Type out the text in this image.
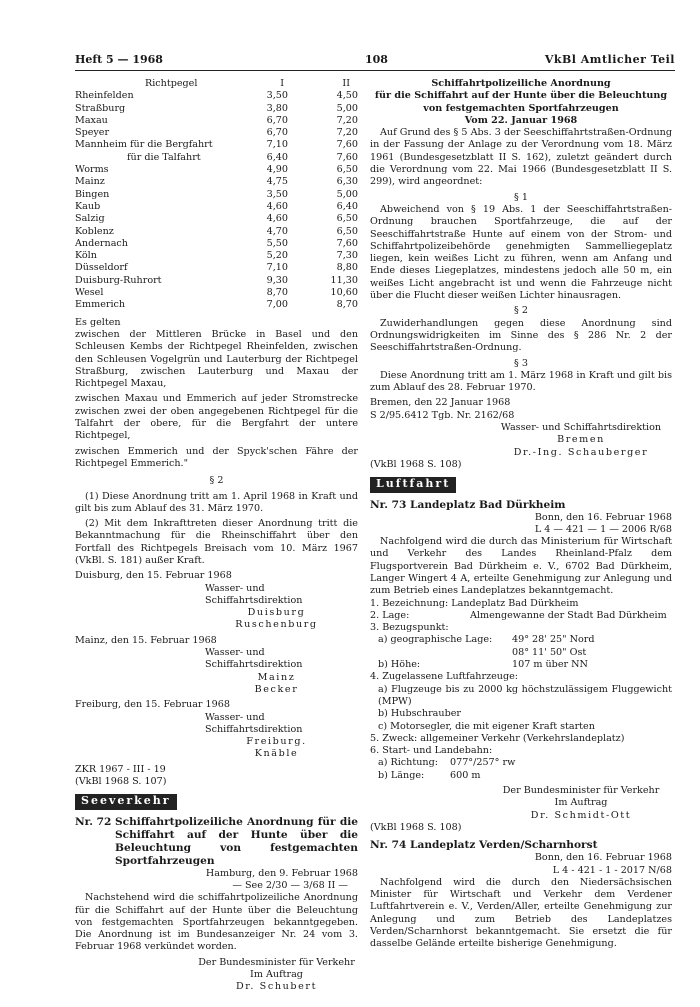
Heft 5 — 1968	108	VkBl Amtlicher Teil
Richtpegel	I	II
Rheinfelden	3,50	4,50
Straßburg	3,80	5,00
Maxau	6,70	7,20
Speyer	6,70	7,20
Mannheim für die Bergfahrt	7,10	7,60
für die Talfahrt	6,40	7,60
Worms	4,90	6,50
Mainz	4,75	6,30
Bingen	3,50	5,00
Kaub	4,60	6,40
Salzig	4,60	6,50
Koblenz	4,70	6,50
Andernach	5,50	7,60
Köln	5,20	7,30
Düsseldorf	7,10	8,80
Duisburg-Ruhrort	9,30	11,30
Wesel	8,70	10,60
Emmerich	7,00	8,70

Es gelten

zwischen der Mittleren Brücke in Basel und den Schleusen Kembs der Richtpegel Rheinfelden, zwischen den Schleusen Vogelgrün und Lauterburg der Richtpegel Straßburg, zwischen Lauterburg und Maxau der Richtpegel Maxau,

zwischen Maxau und Emmerich auf jeder Stromstrecke zwischen zwei der oben angegebenen Richtpegel für die Talfahrt der obere, für die Bergfahrt der untere Richtpegel,

zwischen Emmerich und der Spyck'schen Fähre der Richtpegel Emmerich."

§ 2

(1) Diese Anordnung tritt am 1. April 1968 in Kraft und gilt bis zum Ablauf des 31. März 1970.

(2) Mit dem Inkrafttreten dieser Anordnung tritt die Bekanntmachung für die Rheinschiffahrt über den Fortfall des Richtpegels Breisach vom 10. März 1967 (VkBl. S. 181) außer Kraft.

Duisburg, den 15. Februar 1968

Wasser- und Schiffahrtsdirektion

Duisburg

Ruschenburg

Mainz, den 15. Februar 1968

Wasser- und Schiffahrtsdirektion

Mainz

Becker

Freiburg, den 15. Februar 1968

Wasser- und Schiffahrtsdirektion

Freiburg.

Knäble

ZKR 1967 - III - 19

(VkBl 1968 S. 107)

Seeverkehr
Nr. 72 Schiffahrtpolizeiliche Anordnung für die Schiffahrt auf der Hunte über die Beleuchtung von festgemachten Sportfahrzeugen

Hamburg, den 9. Februar 1968

— See 2/30 — 3/68 II —

Nachstehend wird die schiffahrtpolizeiliche Anordnung für die Schiffahrt auf der Hunte über die Beleuchtung von festgemachten Sportfahrzeugen bekanntgegeben. Die Anordnung ist im Bundesanzeiger Nr. 24 vom 3. Februar 1968 verkündet worden.

Der Bundesminister für Verkehr

Im Auftrag

Dr. Schubert

Schiffahrtpolizeiliche Anordnung

für die Schiffahrt auf der Hunte über die Beleuchtung

von festgemachten Sportfahrzeugen

Vom 22. Januar 1968

Auf Grund des § 5 Abs. 3 der Seeschiffahrtstraßen-Ordnung in der Fassung der Anlage zu der Verordnung vom 18. März 1961 (Bundesgesetzblatt II S. 162), zuletzt geändert durch die Verordnung vom 22. Mai 1966 (Bundesgesetzblatt II S. 299), wird angeordnet:

§ 1

Abweichend von § 19 Abs. 1 der Seeschiffahrtstraßen-Ordnung brauchen Sportfahrzeuge, die auf der Seeschiffahrtstraße Hunte auf einem von der Strom- und Schiffahrtpolizeibehörde genehmigten Sammelliegeplatz liegen, kein weißes Licht zu führen, wenn am Anfang und Ende dieses Liegeplatzes, mindestens jedoch alle 50 m, ein weißes Licht angebracht ist und wenn die Fahrzeuge nicht über die Flucht dieser weißen Lichter hinausragen.

§ 2

Zuwiderhandlungen gegen diese Anordnung sind Ordnungswidrigkeiten im Sinne des § 286 Nr. 2 der Seeschiffahrtstraßen-Ordnung.

§ 3

Diese Anordnung tritt am 1. März 1968 in Kraft und gilt bis zum Ablauf des 28. Februar 1970.

Bremen, den 22 Januar 1968

S 2/95.6412 Tgb. Nr. 2162/68

Wasser- und Schiffahrtsdirektion

Bremen

Dr.-Ing. Schauberger

(VkBl 1968 S. 108)

Luftfahrt
Nr. 73 Landeplatz Bad Dürkheim

Bonn, den 16. Februar 1968

L 4 — 421 — 1 — 2006 R/68

Nachfolgend wird die durch das Ministerium für Wirtschaft und Verkehr des Landes Rheinland-Pfalz dem Flugsportverein Bad Dürkheim e. V., 6702 Bad Dürkheim, Langer Wingert 4 A, erteilte Genehmigung zur Anlegung und zum Betrieb eines Landeplatzes bekanntgemacht.

1. Bezeichnung: Landeplatz Bad Dürkheim

2. Lage:	Almengewanne der Stadt Bad Dürkheim

3. Bezugspunkt:

a) geographische Lage:	49° 28' 25" Nord
08° 11' 50" Ost
b) Höhe:	107 m über NN

4. Zugelassene Luftfahrzeuge:

a) Flugzeuge bis zu 2000 kg höchstzulässigem Fluggewicht (MPW)

b) Hubschrauber

c) Motorsegler, die mit eigener Kraft starten

5. Zweck: allgemeiner Verkehr (Verkehrslandeplatz)

6. Start- und Landebahn:

a) Richtung:	077°/257° rw
b) Länge:	600 m

Der Bundesminister für Verkehr

Im Auftrag

Dr. Schmidt-Ott

(VkBl 1968 S. 108)

Nr. 74 Landeplatz Verden/Scharnhorst

Bonn, den 16. Februar 1968

L 4 - 421 - 1 - 2017 N/68

Nachfolgend wird die durch den Niedersächsischen Minister für Wirtschaft und Verkehr dem Verdener Luftfahrtverein e. V., Verden/Aller, erteilte Genehmigung zur Anlegung und zum Betrieb des Landeplatzes Verden/Scharnhorst bekanntgemacht. Sie ersetzt die für dasselbe Gelände erteilte bisherige Genehmigung.
